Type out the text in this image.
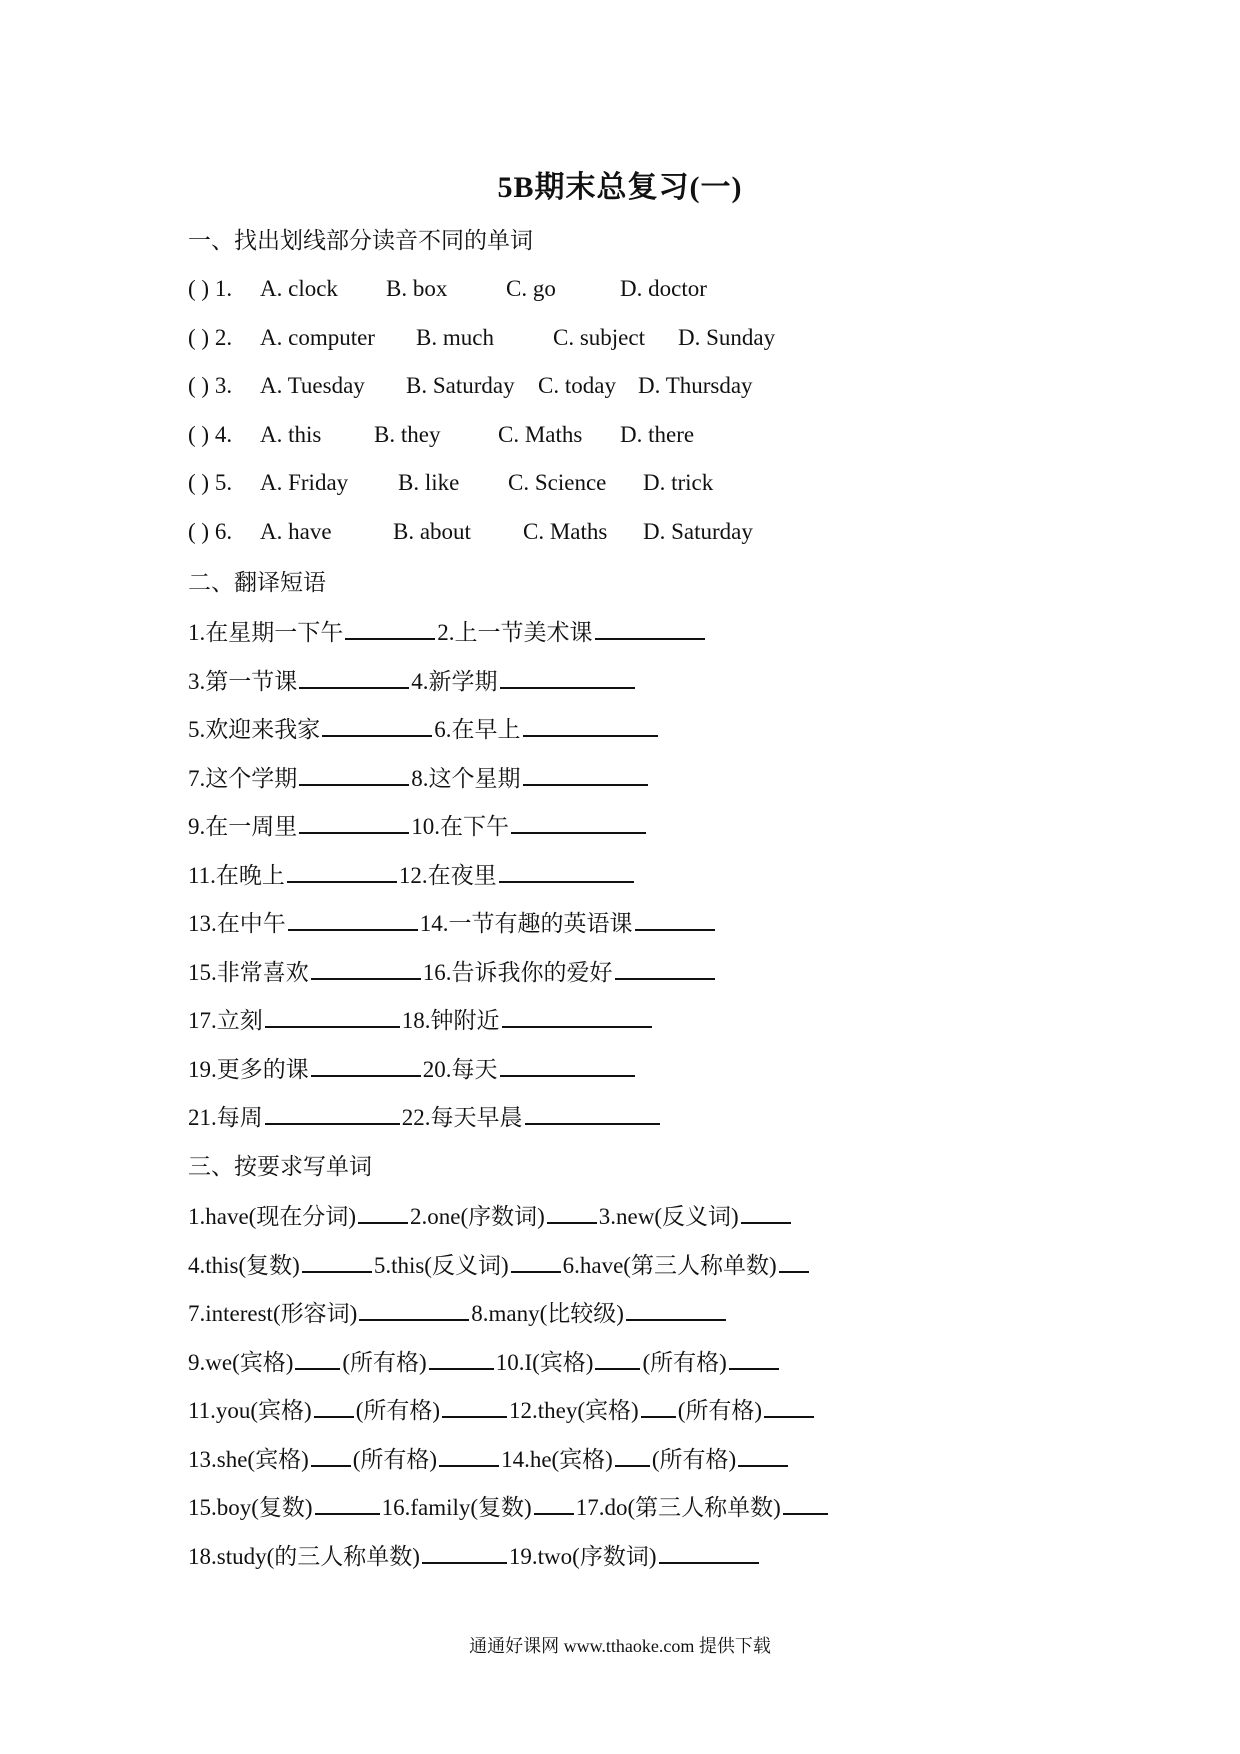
5B期末总复习(一)
一、找出划线部分读音不同的单词
( ) 1. A. clock B. box	C. go	D. doctor
( ) 2. A. computer B. much	C. subject D. Sunday
( ) 3. A. Tuesday B. Saturday C. today D. Thursday
( ) 4. A. this B. they	C. Maths D. there
( ) 5. A. Friday B. like C. Science D. trick
( ) 6. A. have	B. about C. Maths D. Saturday
二、翻译短语
1.在星期一下午	2.上一节美术课
3.第一节课	4.新学期
5.欢迎来我家	6.在早上
7.这个学期	8.这个星期
9.在一周里	10.在下午
11.在晚上	12.在夜里
13.在中午	14.一节有趣的英语课
15.非常喜欢	16.告诉我你的爱好
17.立刻	18.钟附近
19.更多的课	20.每天
21.每周	22.每天早晨
三、按要求写单词
1.have(现在分词) 2.one(序数词) 3.new(反义词)
4.this(复数)	5.this(反义词) 6.have(第三人称单数)
7.interest(形容词)	8.many(比较级)
9.we(宾格) (所有格)	10.I(宾格) (所有格)
11.you(宾格) (所有格)	12.they(宾格) (所有格)
13.she(宾格) (所有格)	14.he(宾格) (所有格)
15.boy(复数)	16.family(复数) 17.do(第三人称单数)
18.study(的三人称单数)	19.two(序数词)
通通好课网 www.tthaoke.com 提供下载
